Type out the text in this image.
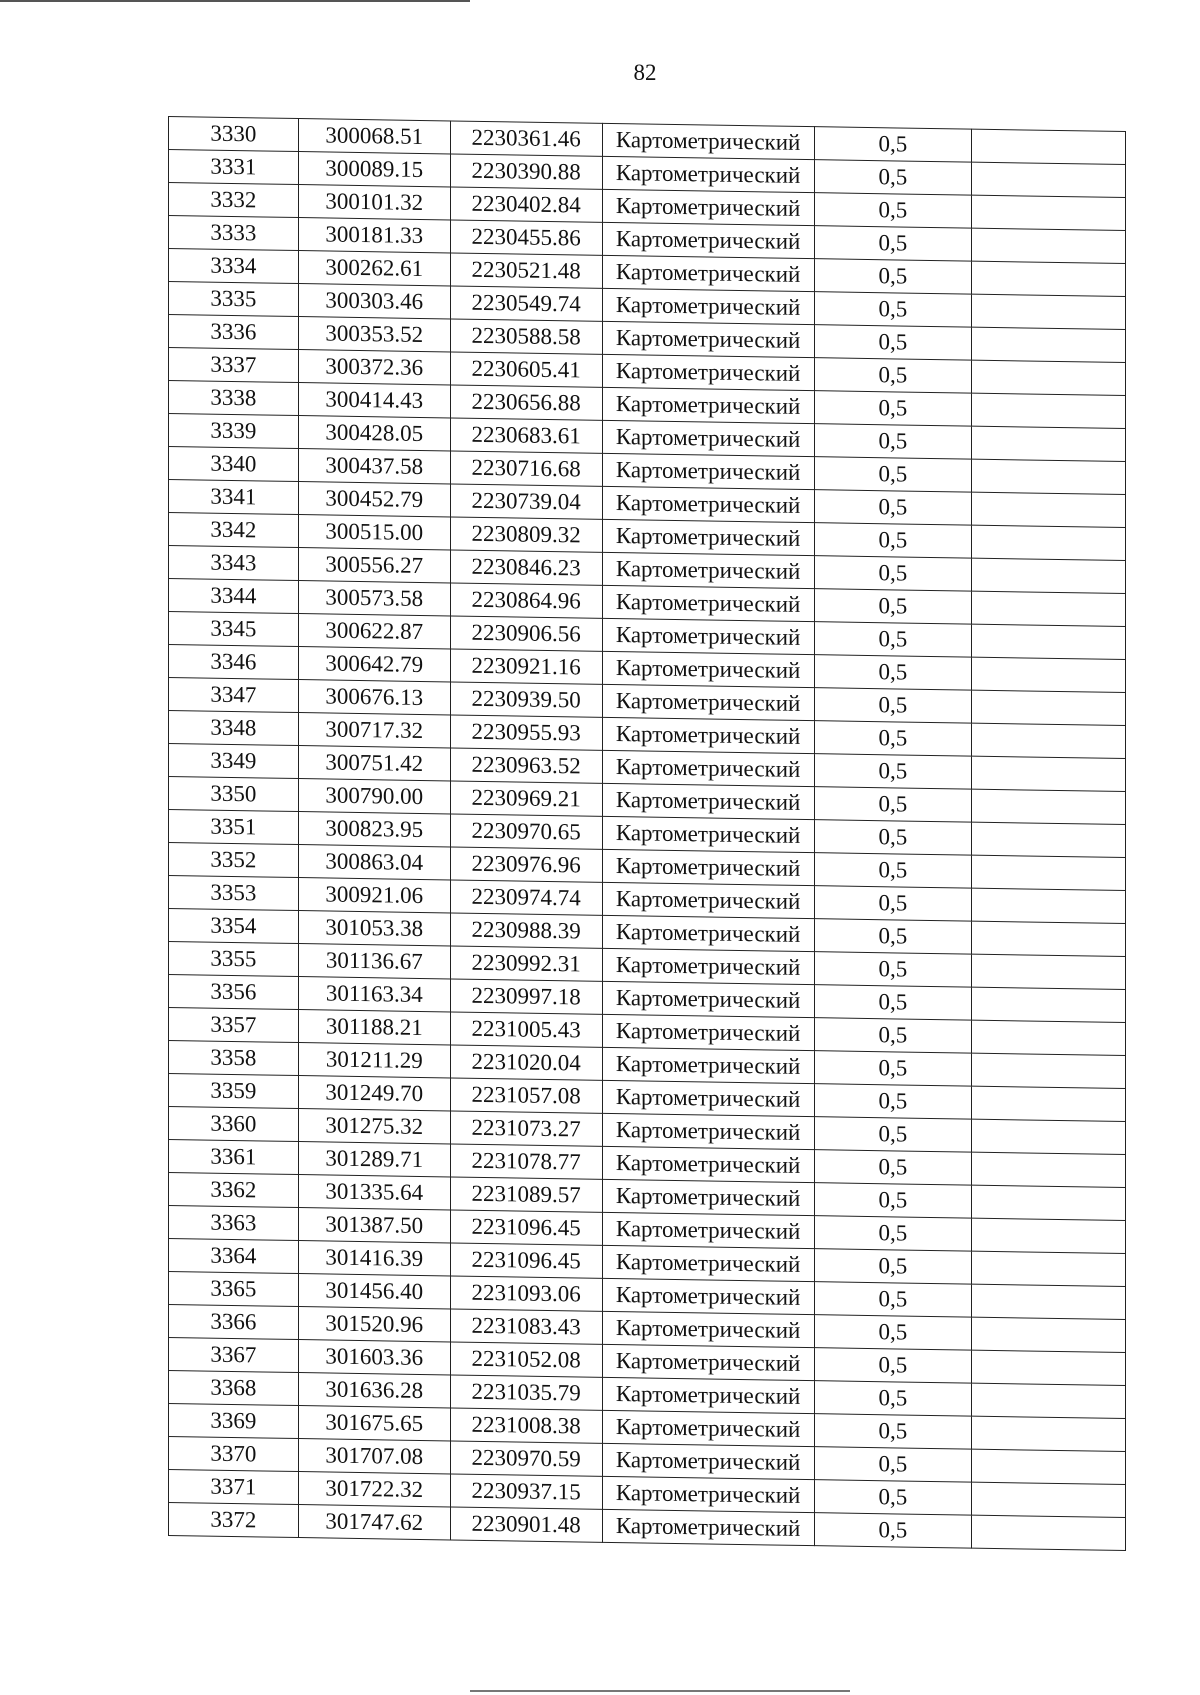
82
3330	300068.51	2230361.46	Картометрический	0,5	
3331	300089.15	2230390.88	Картометрический	0,5	
3332	300101.32	2230402.84	Картометрический	0,5	
3333	300181.33	2230455.86	Картометрический	0,5	
3334	300262.61	2230521.48	Картометрический	0,5	
3335	300303.46	2230549.74	Картометрический	0,5	
3336	300353.52	2230588.58	Картометрический	0,5	
3337	300372.36	2230605.41	Картометрический	0,5	
3338	300414.43	2230656.88	Картометрический	0,5	
3339	300428.05	2230683.61	Картометрический	0,5	
3340	300437.58	2230716.68	Картометрический	0,5	
3341	300452.79	2230739.04	Картометрический	0,5	
3342	300515.00	2230809.32	Картометрический	0,5	
3343	300556.27	2230846.23	Картометрический	0,5	
3344	300573.58	2230864.96	Картометрический	0,5	
3345	300622.87	2230906.56	Картометрический	0,5	
3346	300642.79	2230921.16	Картометрический	0,5	
3347	300676.13	2230939.50	Картометрический	0,5	
3348	300717.32	2230955.93	Картометрический	0,5	
3349	300751.42	2230963.52	Картометрический	0,5	
3350	300790.00	2230969.21	Картометрический	0,5	
3351	300823.95	2230970.65	Картометрический	0,5	
3352	300863.04	2230976.96	Картометрический	0,5	
3353	300921.06	2230974.74	Картометрический	0,5	
3354	301053.38	2230988.39	Картометрический	0,5	
3355	301136.67	2230992.31	Картометрический	0,5	
3356	301163.34	2230997.18	Картометрический	0,5	
3357	301188.21	2231005.43	Картометрический	0,5	
3358	301211.29	2231020.04	Картометрический	0,5	
3359	301249.70	2231057.08	Картометрический	0,5	
3360	301275.32	2231073.27	Картометрический	0,5	
3361	301289.71	2231078.77	Картометрический	0,5	
3362	301335.64	2231089.57	Картометрический	0,5	
3363	301387.50	2231096.45	Картометрический	0,5	
3364	301416.39	2231096.45	Картометрический	0,5	
3365	301456.40	2231093.06	Картометрический	0,5	
3366	301520.96	2231083.43	Картометрический	0,5	
3367	301603.36	2231052.08	Картометрический	0,5	
3368	301636.28	2231035.79	Картометрический	0,5	
3369	301675.65	2231008.38	Картометрический	0,5	
3370	301707.08	2230970.59	Картометрический	0,5	
3371	301722.32	2230937.15	Картометрический	0,5	
3372	301747.62	2230901.48	Картометрический	0,5	
